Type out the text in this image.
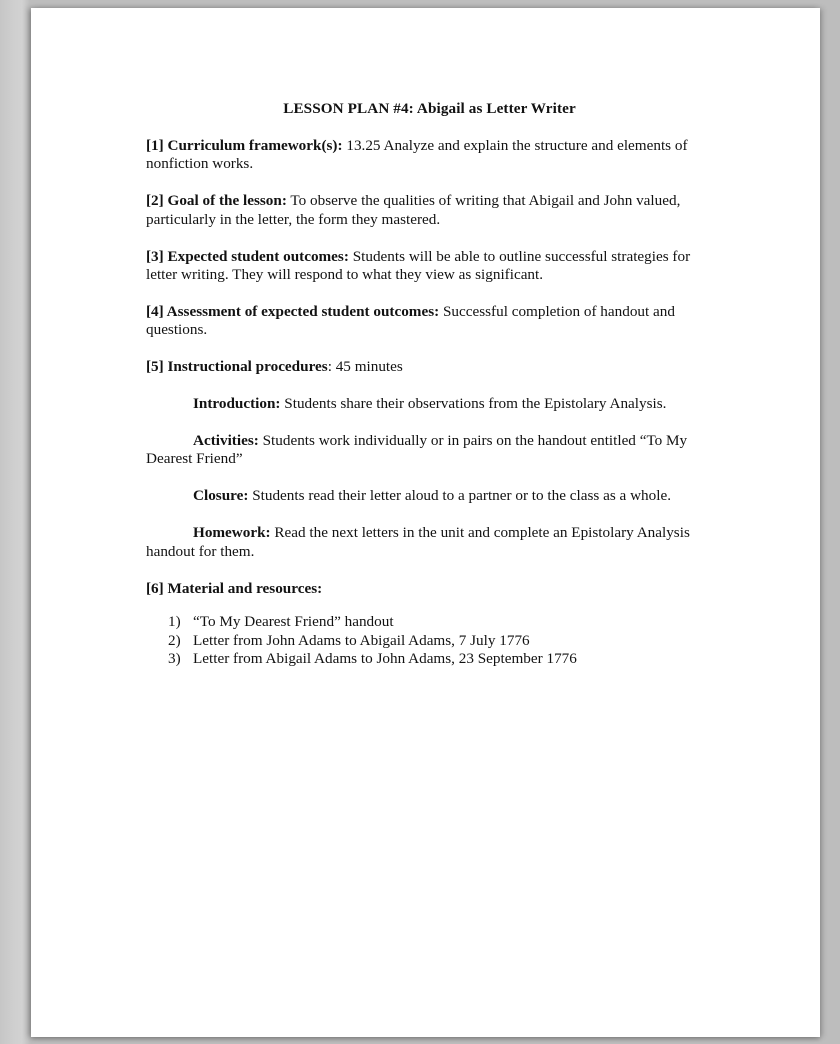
LESSON PLAN #4: Abigail as Letter Writer

[1] Curriculum framework(s): 13.25 Analyze and explain the structure and elements of nonfiction works.

[2] Goal of the lesson: To observe the qualities of writing that Abigail and John valued, particularly in the letter, the form they mastered.

[3] Expected student outcomes: Students will be able to outline successful strategies for letter writing. They will respond to what they view as significant.

[4] Assessment of expected student outcomes: Successful completion of handout and questions.

[5] Instructional procedures: 45 minutes

Introduction: Students share their observations from the Epistolary Analysis.

Activities: Students work individually or in pairs on the handout entitled “To My Dearest Friend”

Closure: Students read their letter aloud to a partner or to the class as a whole.

Homework: Read the next letters in the unit and complete an Epistolary Analysis handout for them.

[6] Material and resources:

1) “To My Dearest Friend” handout
2) Letter from John Adams to Abigail Adams, 7 July 1776
3) Letter from Abigail Adams to John Adams, 23 September 1776
